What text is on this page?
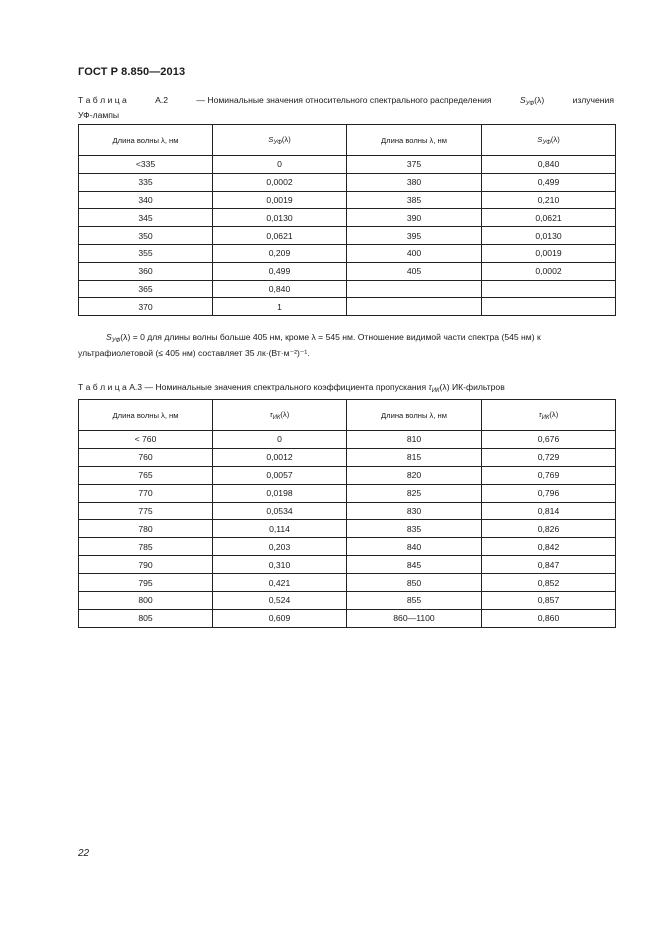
ГОСТ Р 8.850—2013
Т а б л и ц а	А.2	— Номинальные значения относительного спектрального распределения	$S_{УФ}(\lambda)$	излучения
УФ-лампы
Длина волны λ, нм	$S_{УФ}(\lambda)$	Длина волны λ, нм	$S_{УФ}(\lambda)$
<335	0	375	0,840
335	0,0002	380	0,499
340	0,0019	385	0,210
345	0,0130	390	0,0621
350	0,0621	395	0,0130
355	0,209	400	0,0019
360	0,499	405	0,0002
365	0,840		
370	1		
$S_{УФ}(\lambda) = 0$ для длины волны больше 405 нм, кроме λ = 545 нм. Отношение видимой части спектра (545 нм) к ультрафиолетовой (≤ 405 нм) составляет 35 лк·(Вт·м⁻²)⁻¹.
Т а б л и ц а А.3 — Номинальные значения спектрального коэффициента пропускания $\tau_{ИК}(\lambda)$ ИК-фильтров
Длина волны λ, нм	$\tau_{ИК}(\lambda)$	Длина волны λ, нм	$\tau_{ИК}(\lambda)$
< 760	0	810	0,676
760	0,0012	815	0,729
765	0,0057	820	0,769
770	0,0198	825	0,796
775	0,0534	830	0,814
780	0,114	835	0,826
785	0,203	840	0,842
790	0,310	845	0,847
795	0,421	850	0,852
800	0,524	855	0,857
805	0,609	860—1100	0,860
22
